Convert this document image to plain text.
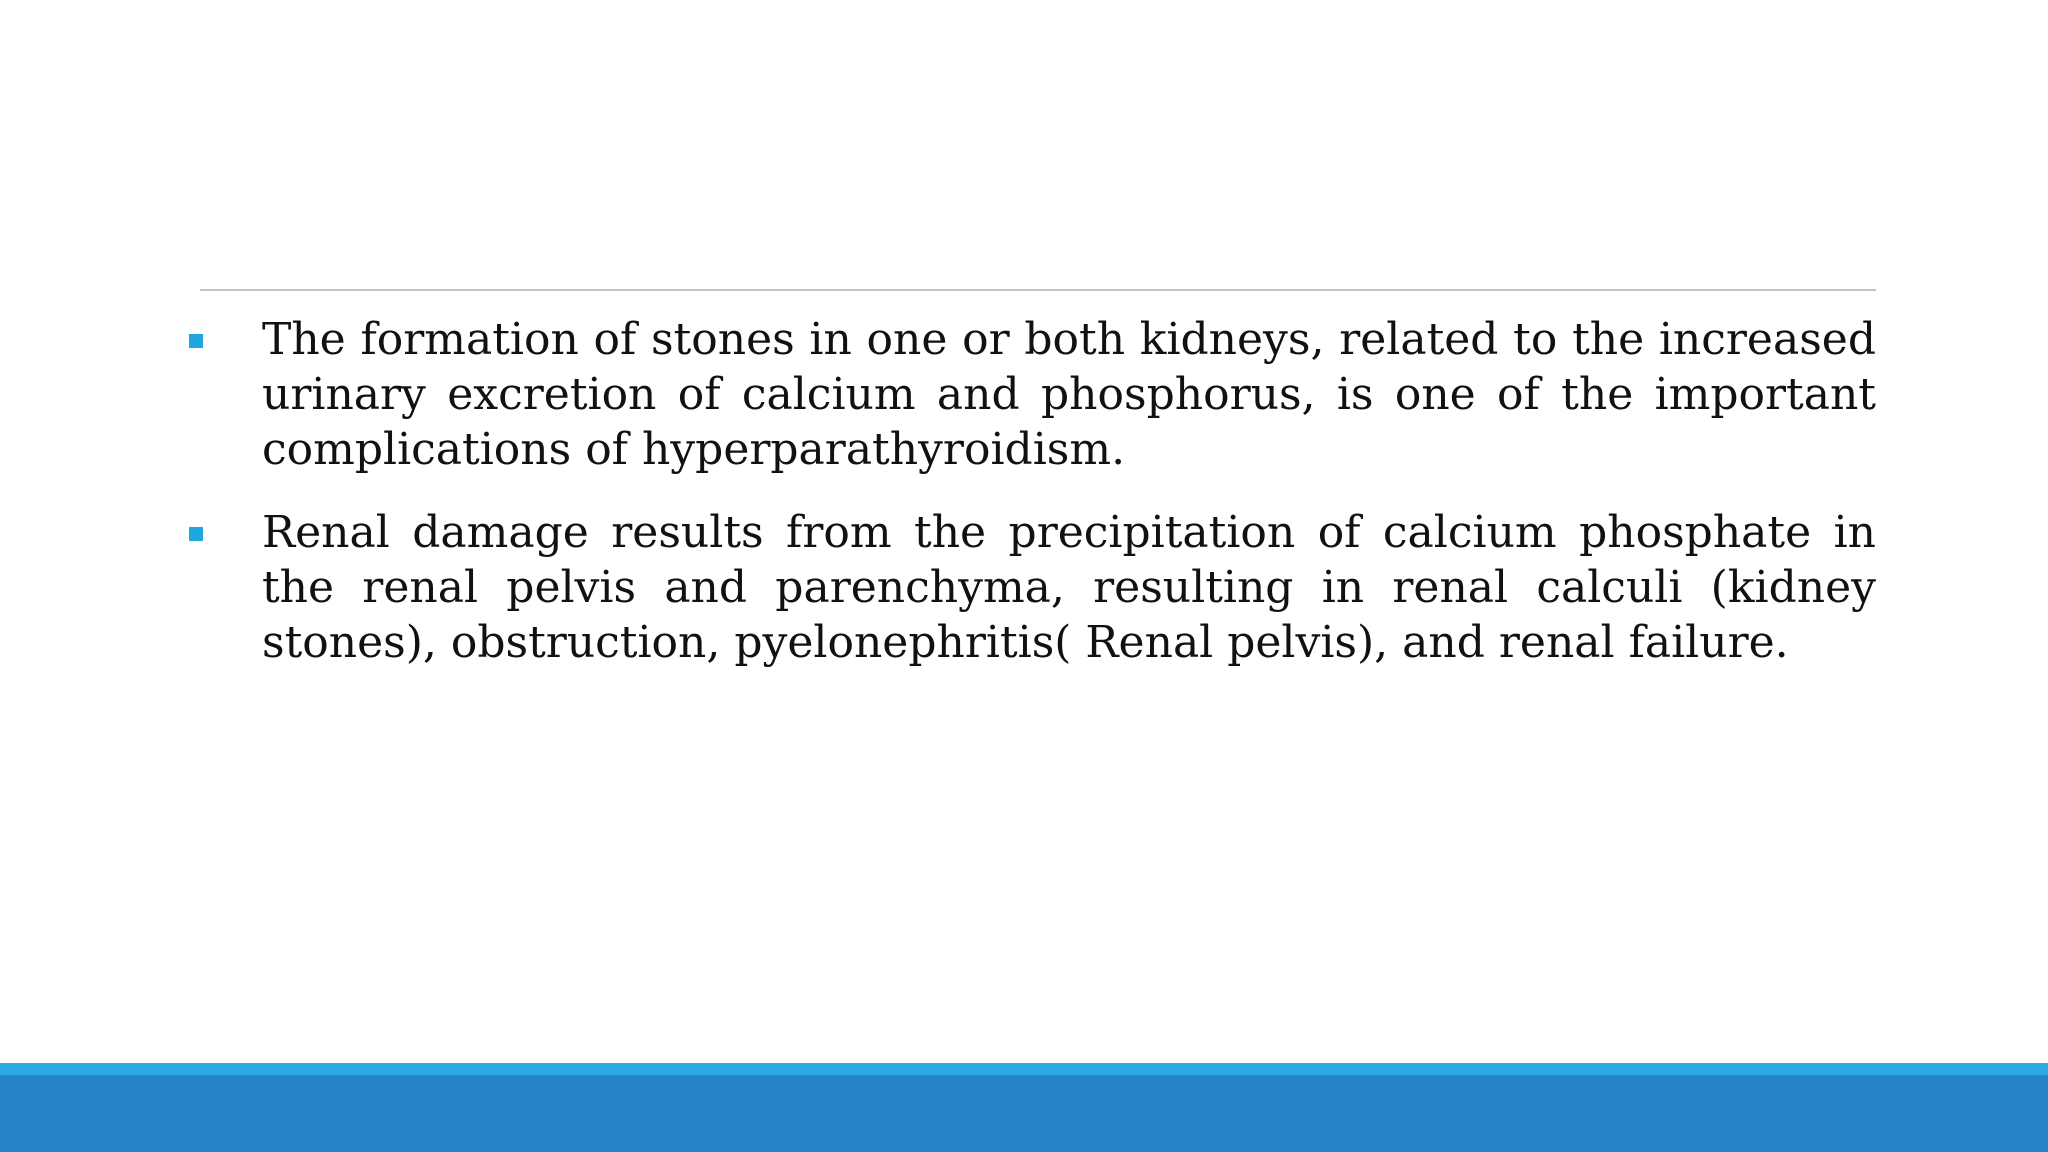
The formation of stones in one or both kidneys, related to the increased urinary excretion of calcium and phosphorus, is one of the important complications of hyperparathyroidism.
Renal damage results from the precipitation of calcium phosphate in the renal pelvis and parenchyma, resulting in renal calculi (kidney stones), obstruction, pyelonephritis( Renal pelvis), and renal failure.
